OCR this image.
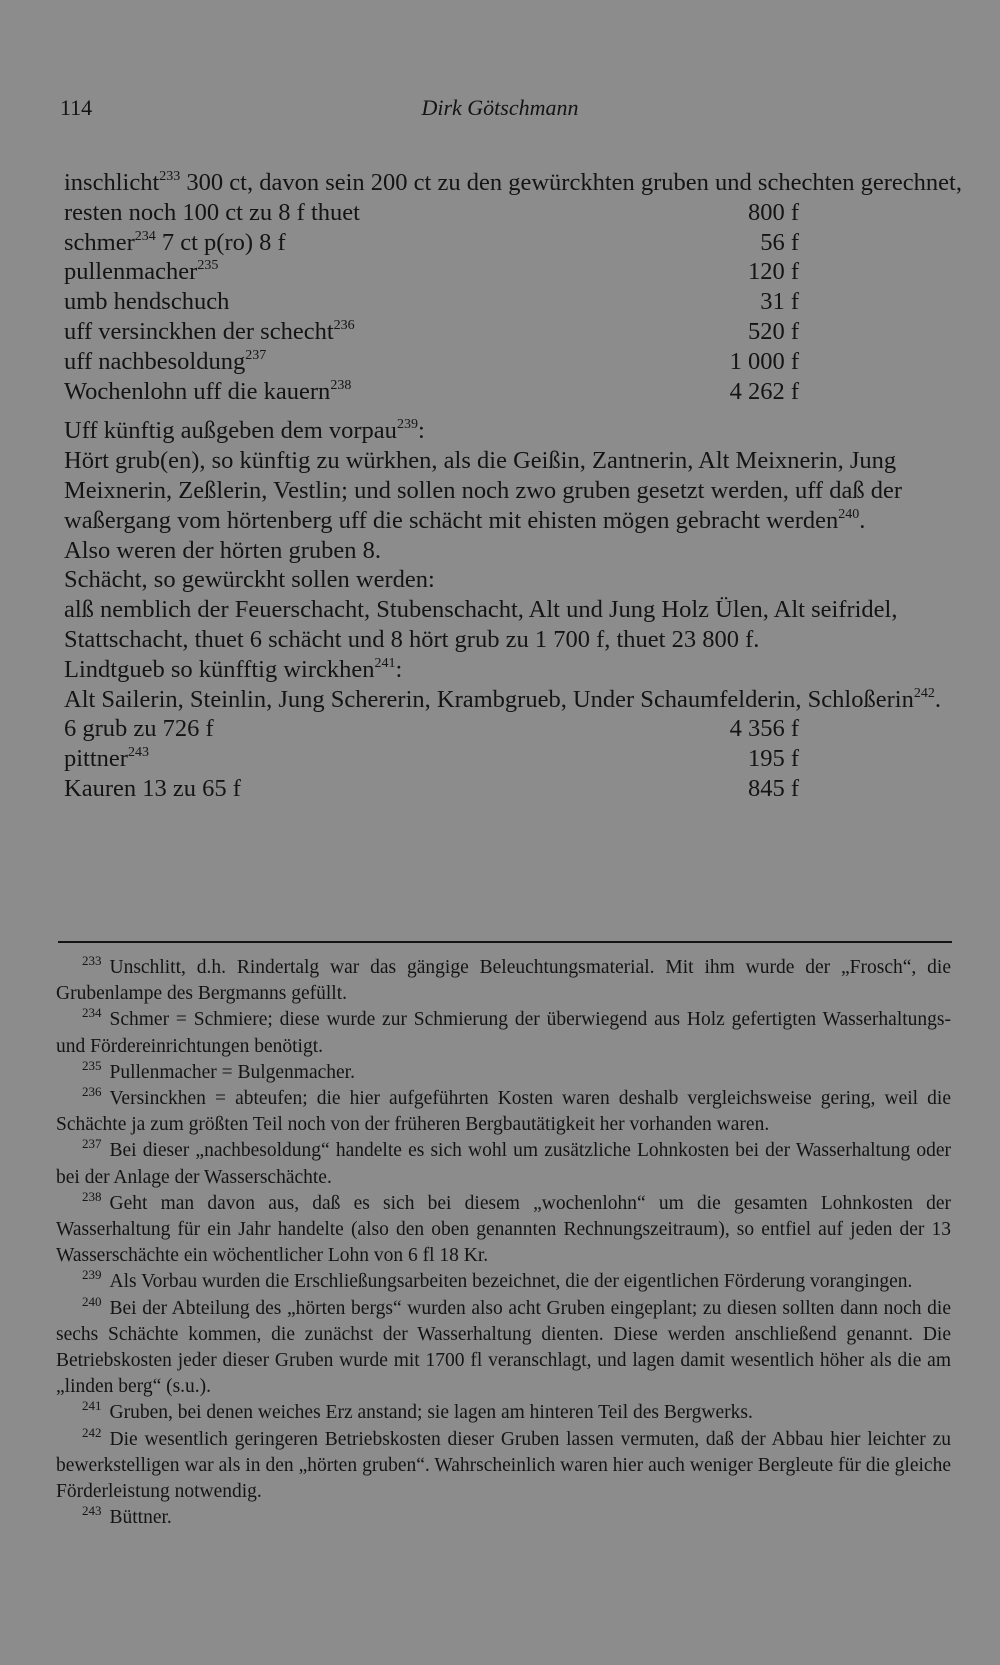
114	Dirk Götschmann

inschlicht$^{233}$ 300 ct, davon sein 200 ct zu den gewürckhten gruben und schechten gerechnet,

resten noch 100 ct zu 8 f thuet	800 f
schmer$^{234}$ 7 ct p(ro) 8 f	56 f
pullenmacher$^{235}$	120 f
umb hendschuch	31 f
uff versinckhen der schecht$^{236}$	520 f
uff nachbesoldung$^{237}$	1 000 f
Wochenlohn uff die kauern$^{238}$	4 262 f

Uff künftig außgeben dem vorpau$^{239}$:

Hört grub(en), so künftig zu würkhen, als die Geißin, Zantnerin, Alt Meixnerin, Jung Meixnerin, Zeßlerin, Vestlin; und sollen noch zwo gruben gesetzt werden, uff daß der waßergang vom hörtenberg uff die schächt mit ehisten mögen gebracht werden$^{240}$.

Also weren der hörten gruben 8.

Schächt, so gewürckht sollen werden:

alß nemblich der Feuerschacht, Stubenschacht, Alt und Jung Holz Ülen, Alt seifridel, Stattschacht, thuet 6 schächt und 8 hört grub zu 1 700 f, thuet 23 800 f.

Lindtgueb so künfftig wirckhen$^{241}$:

Alt Sailerin, Steinlin, Jung Schererin, Krambgrueb, Under Schaumfelderin, Schloßerin$^{242}$.

6 grub zu 726 f	4 356 f
pittner$^{243}$	195 f
Kauren 13 zu 65 f	845 f

$^{233}$ Unschlitt, d.h. Rindertalg war das gängige Beleuchtungsmaterial. Mit ihm wurde der „Frosch“, die Grubenlampe des Bergmanns gefüllt.

$^{234}$ Schmer = Schmiere; diese wurde zur Schmierung der überwiegend aus Holz gefertigten Wasserhaltungs- und Fördereinrichtungen benötigt.

$^{235}$ Pullenmacher = Bulgenmacher.

$^{236}$ Versinckhen = abteufen; die hier aufgeführten Kosten waren deshalb vergleichsweise gering, weil die Schächte ja zum größten Teil noch von der früheren Bergbautätigkeit her vorhanden waren.

$^{237}$ Bei dieser „nachbesoldung“ handelte es sich wohl um zusätzliche Lohnkosten bei der Wasserhaltung oder bei der Anlage der Wasserschächte.

$^{238}$ Geht man davon aus, daß es sich bei diesem „wochenlohn“ um die gesamten Lohnkosten der Wasserhaltung für ein Jahr handelte (also den oben genannten Rechnungszeitraum), so entfiel auf jeden der 13 Wasserschächte ein wöchentlicher Lohn von 6 fl 18 Kr.

$^{239}$ Als Vorbau wurden die Erschließungsarbeiten bezeichnet, die der eigentlichen Förderung vorangingen.

$^{240}$ Bei der Abteilung des „hörten bergs“ wurden also acht Gruben eingeplant; zu diesen sollten dann noch die sechs Schächte kommen, die zunächst der Wasserhaltung dienten. Diese werden anschließend genannt. Die Betriebskosten jeder dieser Gruben wurde mit 1700 fl veranschlagt, und lagen damit wesentlich höher als die am „linden berg“ (s.u.).

$^{241}$ Gruben, bei denen weiches Erz anstand; sie lagen am hinteren Teil des Bergwerks.

$^{242}$ Die wesentlich geringeren Betriebskosten dieser Gruben lassen vermuten, daß der Abbau hier leichter zu bewerkstelligen war als in den „hörten gruben“. Wahrscheinlich waren hier auch weniger Bergleute für die gleiche Förderleistung notwendig.

$^{243}$ Büttner.
